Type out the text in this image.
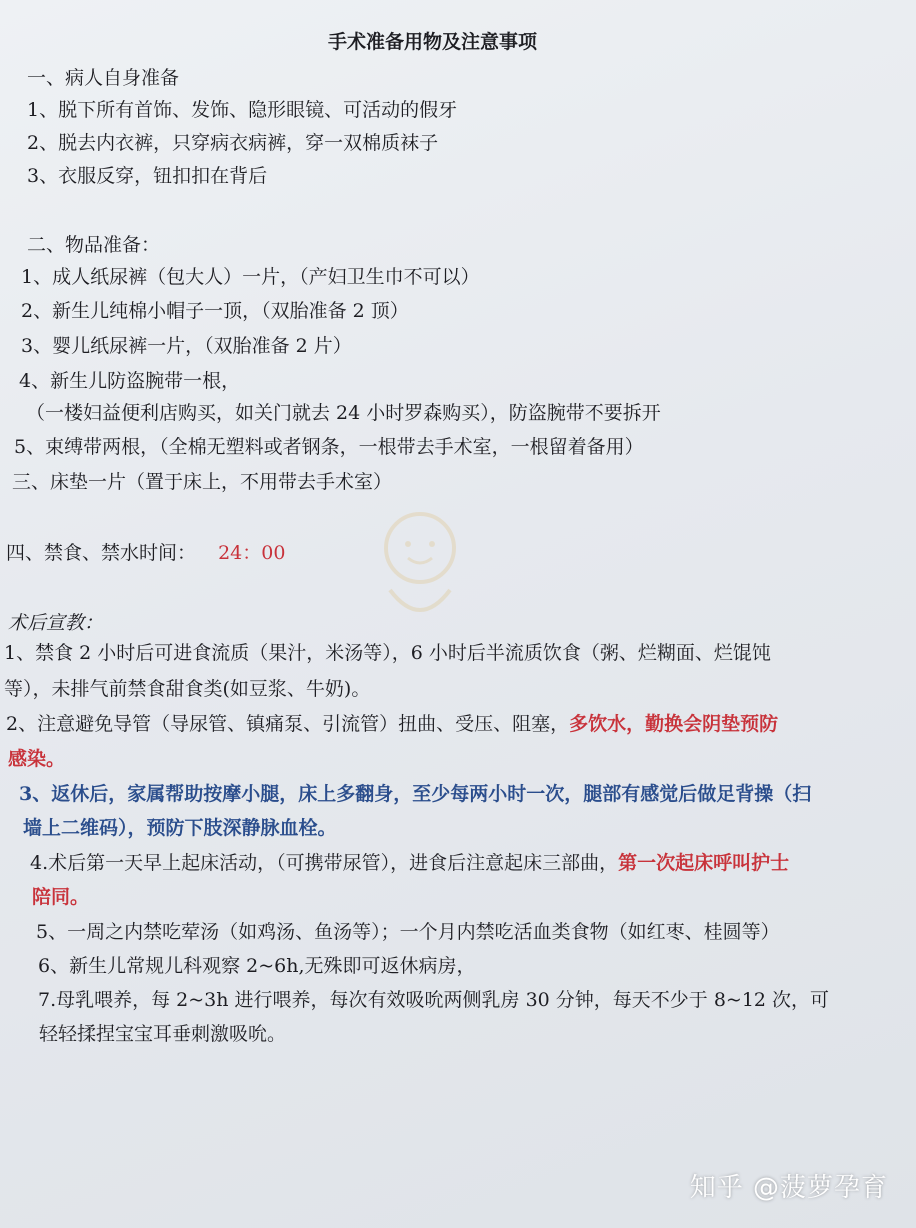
手术准备用物及注意事项
一、病人自身准备
1、脱下所有首饰、发饰、隐形眼镜、可活动的假牙
2、脱去内衣裤，只穿病衣病裤，穿一双棉质袜子
3、衣服反穿，钮扣扣在背后
二、物品准备：
1、成人纸尿裤（包大人）一片，（产妇卫生巾不可以）
2、新生儿纯棉小帽子一顶，（双胎准备 2 顶）
3、婴儿纸尿裤一片，（双胎准备 2 片）
4、新生儿防盗腕带一根，
（一楼妇益便利店购买，如关门就去 24 小时罗森购买），防盗腕带不要拆开
5、束缚带两根，（全棉无塑料或者钢条，一根带去手术室，一根留着备用）
三、床垫一片（置于床上，不用带去手术室）
四、禁食、禁水时间： 24：00
术后宣教：
1、禁食 2 小时后可进食流质（果汁，米汤等），6 小时后半流质饮食（粥、烂糊面、烂馄饨
等），未排气前禁食甜食类(如豆浆、牛奶)。
2、注意避免导管（导尿管、镇痛泵、引流管）扭曲、受压、阻塞，多饮水，勤换会阴垫预防
感染。
3、返休后，家属帮助按摩小腿，床上多翻身，至少每两小时一次，腿部有感觉后做足背操（扫
墙上二维码），预防下肢深静脉血栓。
4.术后第一天早上起床活动，（可携带尿管），进食后注意起床三部曲，第一次起床呼叫护士
陪同。
5、一周之内禁吃荤汤（如鸡汤、鱼汤等）；一个月内禁吃活血类食物（如红枣、桂圆等）
6、新生儿常规儿科观察 2~6h,无殊即可返休病房，
7.母乳喂养，每 2~3h 进行喂养，每次有效吸吮两侧乳房 30 分钟，每天不少于 8~12 次，可
轻轻揉捏宝宝耳垂刺激吸吮。
知乎 @菠萝孕育
